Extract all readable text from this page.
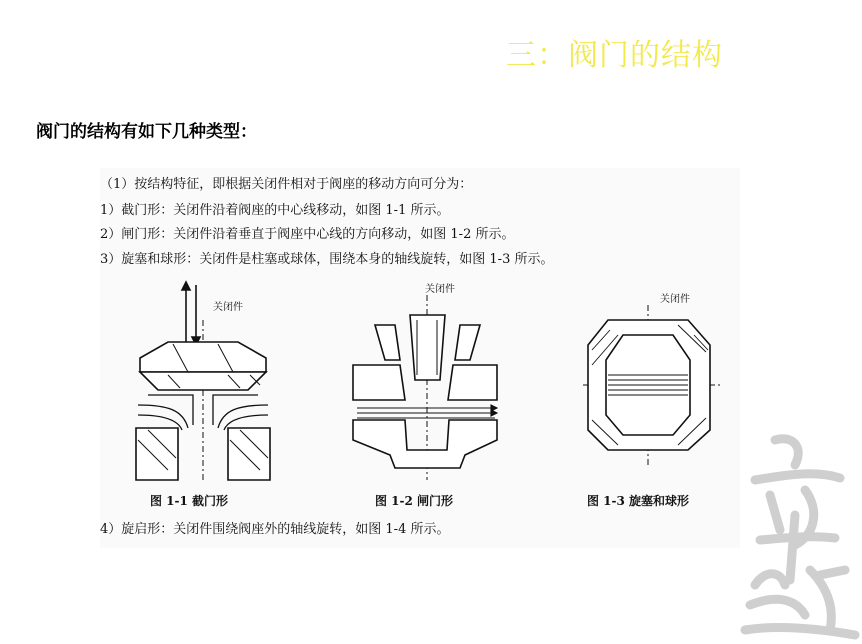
三：阀门的结构
阀门的结构有如下几种类型：
（1）按结构特征，即根据关闭件相对于阀座的移动方向可分为：
1）截门形：关闭件沿着阀座的中心线移动，如图 1-1 所示。
2）闸门形：关闭件沿着垂直于阀座中心线的方向移动，如图 1-2 所示。
3）旋塞和球形：关闭件是柱塞或球体，围绕本身的轴线旋转，如图 1-3 所示。
关闭件
关闭件
关闭件
图 1-1 截门形	图 1-2 闸门形	图 1-3 旋塞和球形
4）旋启形：关闭件围绕阀座外的轴线旋转，如图 1-4 所示。
